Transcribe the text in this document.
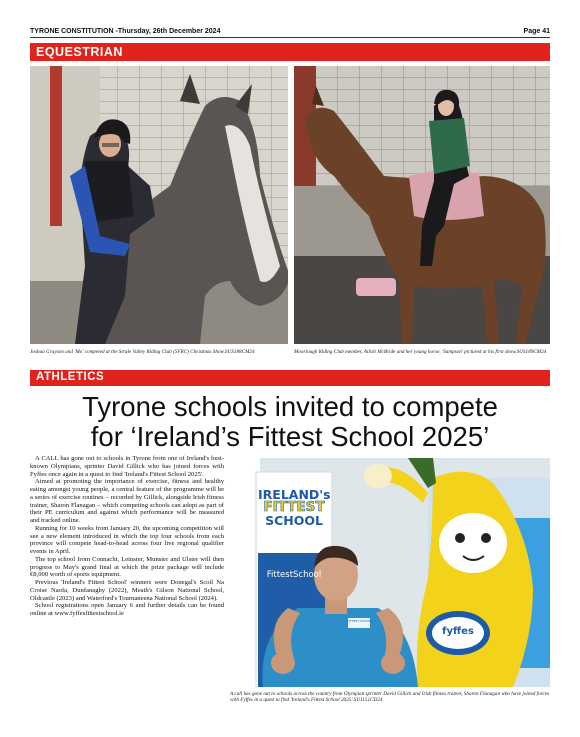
TYRONE CONSTITUTION -Thursday, 26th December 2024	Page 41
EQUESTRIAN
Joshua Grayson and 'Mo' competed at the Strule Valley Riding Club (SVRC) Christmas Show.SUS188CM24	Moorlough Riding Club member, Ailish McBride and her young horse, 'Sampson' pictured at his first show.SUS189CM24
ATHLETICS
Tyrone schools invited to compete
for ‘Ireland’s Fittest School 2025’

A CALL has gone out to schools in Tyrone from one of Ireland's best-known Olympians, sprinter David Gillick who has joined forces with Fyffes once again in a quest to find 'Ireland's Fittest School 2025'.

Aimed at promoting the importance of exercise, fitness and healthy eating amongst young people, a central feature of the programme will be a series of exercise routines – recorded by Gillick, alongside Irish fitness trainer, Sharon Flanagan – which competing schools can adopt as part of their PE curriculum and against which performance will be measured and tracked online.

Running for 10 weeks from January 20, the upcoming competition will see a new element introduced in which the top four schools from each province will compete head-to-head across four live regional qualifier events in April.

The top school from Connacht, Leinster, Munster and Ulster will then progress to May's grand final at which the prize package will include €8,000 worth of sports equipment.

Previous 'Ireland's Fittest School' winners were Donegal's Scoil Na Croise Naofa, Dunfanaghy (2022), Meath's Gilson National School, Oldcastle (2023) and Waterford's Tournaneena National School (2024).

School registrations open January 6 and further details can be found online at www.fyffesfittestschool.ie

IRELAND's
FITTEST
SCHOOL
FittestSchool
fyffes
FITTEST SCHOOL
A call has gone out to schools across the country from Olympian sprinter David Gillick and Irish fitness trainer, Sharon Flanagan who have joined forces with Fyffes in a quest to find 'Ireland's Fittest School 2025'.SU1151CD24
